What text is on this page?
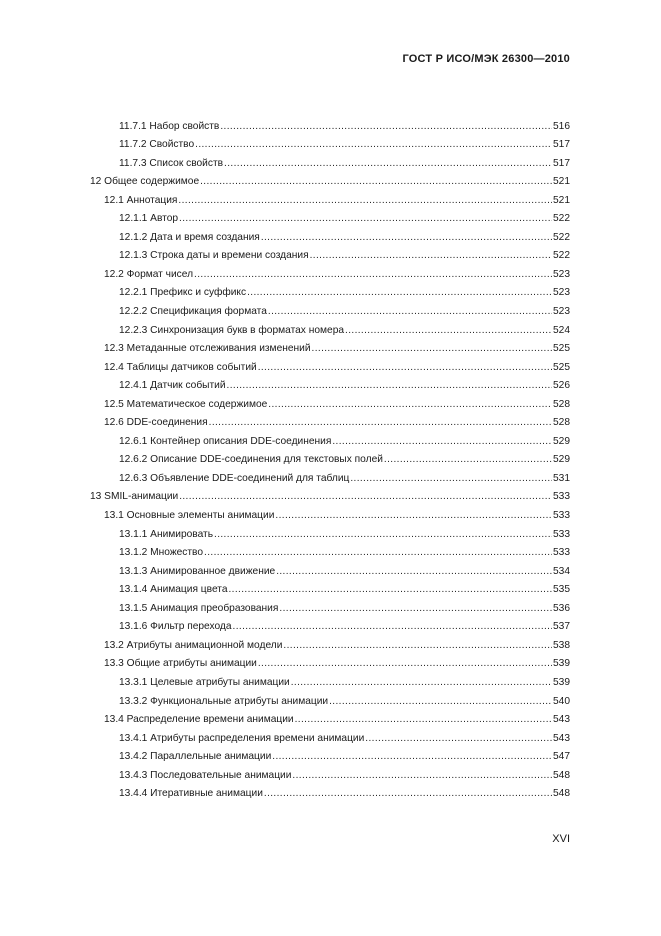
ГОСТ Р ИСО/МЭК 26300—2010
11.7.1 Набор свойств .....	516
11.7.2 Свойство .....	517
11.7.3 Список свойств .....	517
12 Общее содержимое .....	521
12.1 Аннотация .....	521
12.1.1 Автор .....	522
12.1.2 Дата и время создания .....	522
12.1.3 Строка даты и времени создания .....	522
12.2 Формат чисел .....	523
12.2.1 Префикс и суффикс .....	523
12.2.2 Спецификация формата .....	523
12.2.3 Синхронизация букв в форматах номера .....	524
12.3 Метаданные отслеживания изменений .....	525
12.4 Таблицы датчиков событий .....	525
12.4.1 Датчик событий .....	526
12.5 Математическое содержимое .....	528
12.6 DDE-соединения .....	528
12.6.1 Контейнер описания DDE-соединения .....	529
12.6.2 Описание DDE-соединения для текстовых полей .....	529
12.6.3 Объявление DDE-соединений для таблиц .....	531
13 SMIL-анимации .....	533
13.1 Основные элементы анимации .....	533
13.1.1 Анимировать .....	533
13.1.2 Множество .....	533
13.1.3 Анимированное движение .....	534
13.1.4 Анимация цвета .....	535
13.1.5 Анимация преобразования .....	536
13.1.6 Фильтр перехода .....	537
13.2 Атрибуты анимационной модели .....	538
13.3 Общие атрибуты анимации .....	539
13.3.1 Целевые атрибуты анимации .....	539
13.3.2 Функциональные атрибуты анимации .....	540
13.4 Распределение времени анимации .....	543
13.4.1 Атрибуты распределения времени анимации .....	543
13.4.2 Параллельные анимации .....	547
13.4.3 Последовательные анимации .....	548
13.4.4 Итеративные анимации .....	548
XVI
